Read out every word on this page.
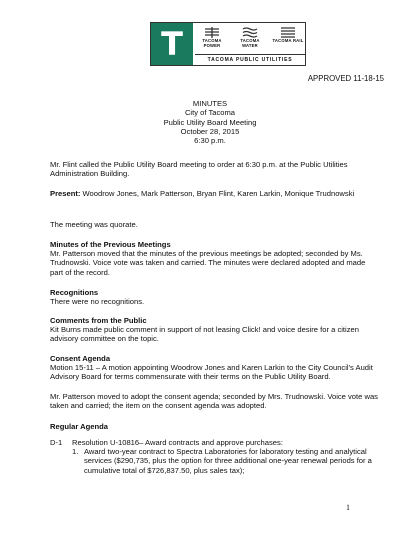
T	TACOMA POWER
TACOMA WATER
TACOMA RAIL
TACOMA PUBLIC UTILITIES
APPROVED 11-18-15
MINUTES
City of Tacoma
Public Utility Board Meeting
October 28, 2015
6:30 p.m.
Mr. Flint called the Public Utility Board meeting to order at 6:30 p.m. at the Public Utilities Administration Building.
Present: Woodrow Jones, Mark Patterson, Bryan Flint, Karen Larkin, Monique Trudnowski
The meeting was quorate.
Minutes of the Previous Meetings
Mr. Patterson moved that the minutes of the previous meetings be adopted; seconded by Ms. Trudnowski. Voice vote was taken and carried. The minutes were declared adopted and made part of the record.
Recognitions
There were no recognitions.
Comments from the Public
Kit Burns made public comment in support of not leasing Click! and voice desire for a citizen advisory committee on the topic.
Consent Agenda
Motion 15-11 – A motion appointing Woodrow Jones and Karen Larkin to the City Council's Audit Advisory Board for terms commensurate with their terms on the Public Utility Board.
Mr. Patterson moved to adopt the consent agenda; seconded by Mrs. Trudnowski. Voice vote was taken and carried; the item on the consent agenda was adopted.
Regular Agenda
D-1 Resolution U-10816– Award contracts and approve purchases:
1. Award two-year contract to Spectra Laboratories for laboratory testing and analytical services ($290,735, plus the option for three additional one-year renewal periods for a cumulative total of $726,837.50, plus sales tax);
1
